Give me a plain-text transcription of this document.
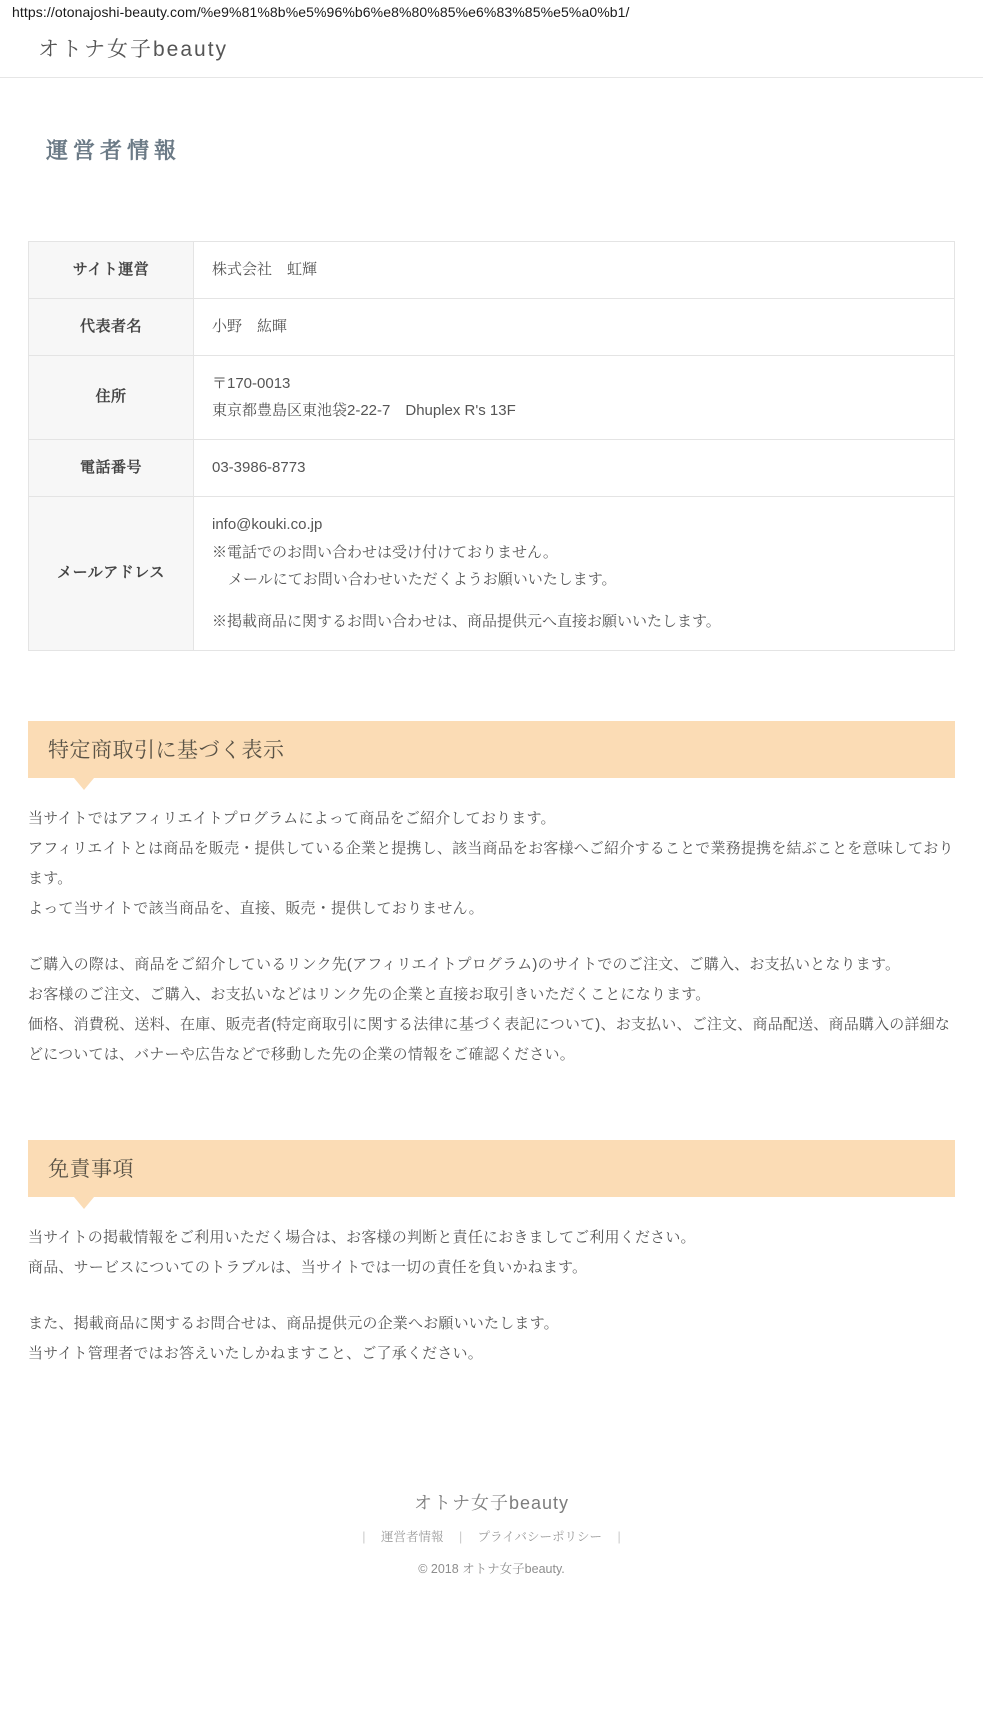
https://otonajoshi-beauty.com/%e9%81%8b%e5%96%b6%e8%80%85%e6%83%85%e5%a0%b1/
オトナ女子beauty
運営者情報
サイト運営	株式会社　虹輝
代表者名	小野　紘暉
住所	〒170-0013
東京都豊島区東池袋2-22-7　Dhuplex R's 13F

電話番号	03-3986-8773
メールアドレス	info@kouki.co.jp
※電話でのお問い合わせは受け付けておりません。
メールにてお問い合わせいただくようお願いいたします。
※掲載商品に関するお問い合わせは、商品提供元へ直接お願いいたします。
特定商取引に基づく表示

当サイトではアフィリエイトプログラムによって商品をご紹介しております。
アフィリエイトとは商品を販売・提供している企業と提携し、該当商品をお客様へご紹介することで業務提携を結ぶことを意味しております。
よって当サイトで該当商品を、直接、販売・提供しておりません。

ご購入の際は、商品をご紹介しているリンク先(アフィリエイトプログラム)のサイトでのご注文、ご購入、お支払いとなります。
お客様のご注文、ご購入、お支払いなどはリンク先の企業と直接お取引きいただくことになります。
価格、消費税、送料、在庫、販売者(特定商取引に関する法律に基づく表記について)、お支払い、ご注文、商品配送、商品購入の詳細などについては、バナーや広告などで移動した先の企業の情報をご確認ください。

免責事項

当サイトの掲載情報をご利用いただく場合は、お客様の判断と責任におきましてご利用ください。
商品、サービスについてのトラブルは、当サイトでは一切の責任を負いかねます。

また、掲載商品に関するお問合せは、商品提供元の企業へお願いいたします。
当サイト管理者ではお答えいたしかねますこと、ご了承ください。

オトナ女子beauty
| 運営者情報 | プライバシーポリシー |
© 2018 オトナ女子beauty.
